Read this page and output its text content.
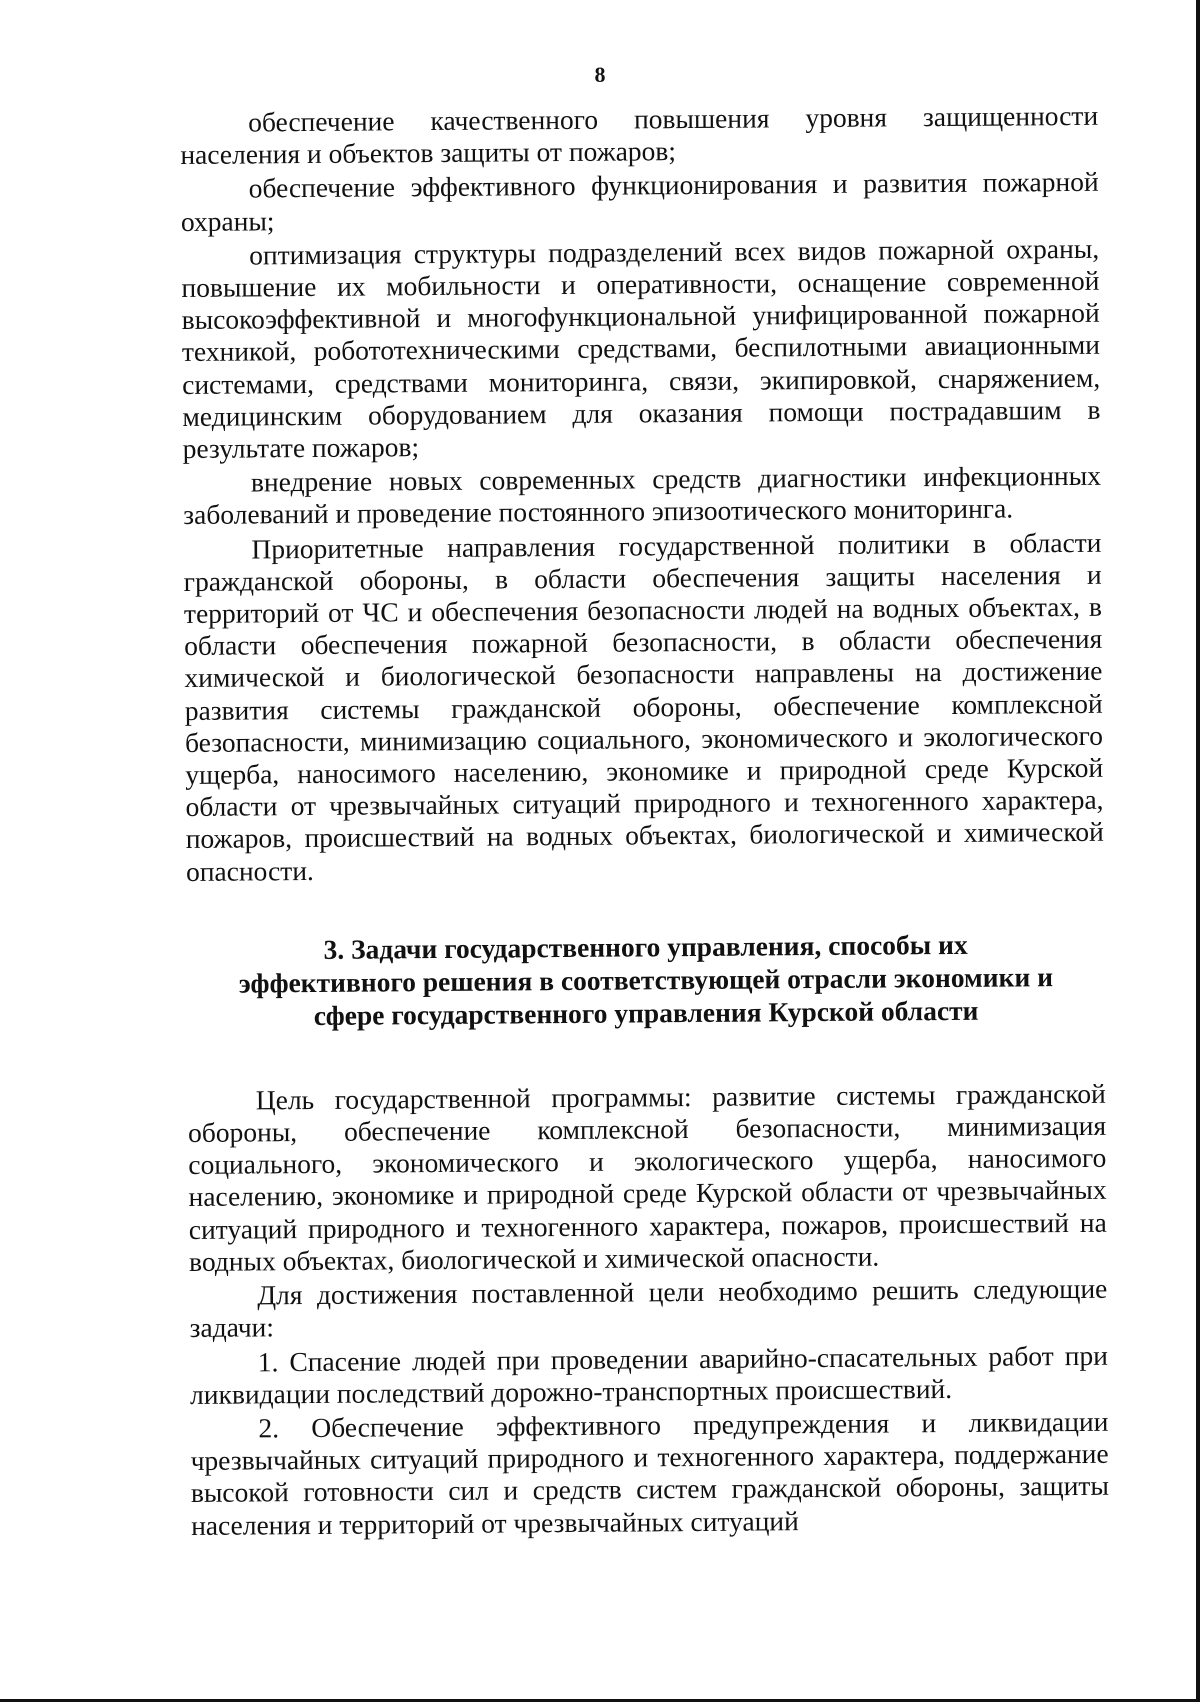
8

обеспечение качественного повышения уровня защищенности населения и объектов защиты от пожаров;

обеспечение эффективного функционирования и развития пожарной охраны;

оптимизация структуры подразделений всех видов пожарной охраны, повышение их мобильности и оперативности, оснащение современной высокоэффективной и многофункциональной унифицированной пожарной техникой, робототехническими средствами, беспилотными авиационными системами, средствами мониторинга, связи, экипировкой, снаряжением, медицинским оборудованием для оказания помощи пострадавшим в результате пожаров;

внедрение новых современных средств диагностики инфекционных заболеваний и проведение постоянного эпизоотического мониторинга.

Приоритетные направления государственной политики в области гражданской обороны, в области обеспечения защиты населения и территорий от ЧС и обеспечения безопасности людей на водных объектах, в области обеспечения пожарной безопасности, в области обеспечения химической и биологической безопасности направлены на достижение развития системы гражданской обороны, обеспечение комплексной безопасности, минимизацию социального, экономического и экологического ущерба, наносимого населению, экономике и природной среде Курской области от чрезвычайных ситуаций природного и техногенного характера, пожаров, происшествий на водных объектах, биологической и химической опасности.

3. Задачи государственного управления, способы их
эффективного решения в соответствующей отрасли экономики и
сфере государственного управления Курской области

Цель государственной программы: развитие системы гражданской обороны, обеспечение комплексной безопасности, минимизация социального, экономического и экологического ущерба, наносимого населению, экономике и природной среде Курской области от чрезвычайных ситуаций природного и техногенного характера, пожаров, происшествий на водных объектах, биологической и химической опасности.

Для достижения поставленной цели необходимо решить следующие задачи:

1. Спасение людей при проведении аварийно-спасательных работ при ликвидации последствий дорожно-транспортных происшествий.

2. Обеспечение эффективного предупреждения и ликвидации чрезвычайных ситуаций природного и техногенного характера, поддержание высокой готовности сил и средств систем гражданской обороны, защиты населения и территорий от чрезвычайных ситуаций
